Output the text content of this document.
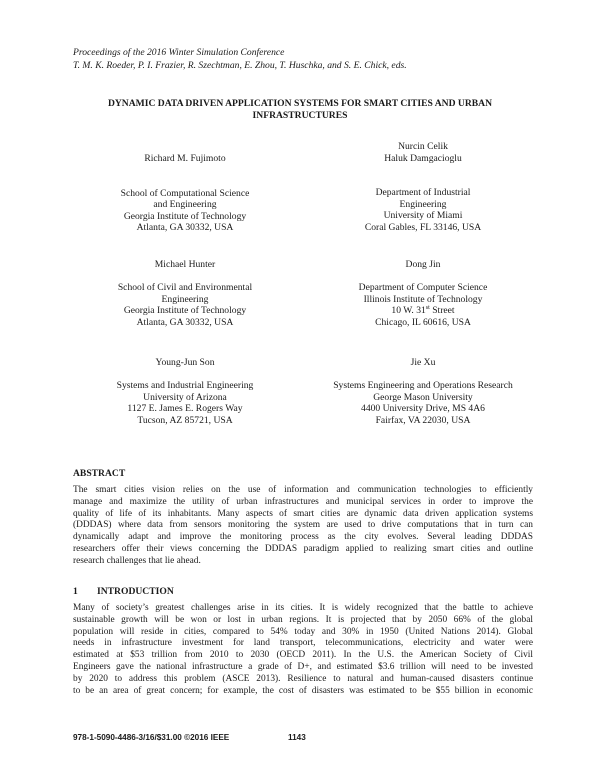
Proceedings of the 2016 Winter Simulation Conference
T. M. K. Roeder, P. I. Frazier, R. Szechtman, E. Zhou, T. Huschka, and S. E. Chick, eds.
DYNAMIC DATA DRIVEN APPLICATION SYSTEMS FOR SMART CITIES AND URBAN
INFRASTRUCTURES
Richard M. Fujimoto
School of Computational Science
and Engineering
Georgia Institute of Technology
Atlanta, GA 30332, USA
Nurcin Celik
Haluk Damgacioglu
Department of Industrial
Engineering
University of Miami
Coral Gables, FL 33146, USA
Michael Hunter
School of Civil and Environmental
Engineering
Georgia Institute of Technology
Atlanta, GA 30332, USA
Dong Jin
Department of Computer Science
Illinois Institute of Technology
10 W. 31st Street
Chicago, IL 60616, USA
Young-Jun Son
Systems and Industrial Engineering
University of Arizona
1127 E. James E. Rogers Way
Tucson, AZ 85721, USA
Jie Xu
Systems Engineering and Operations Research
George Mason University
4400 University Drive, MS 4A6
Fairfax, VA 22030, USA
ABSTRACT
The smart cities vision relies on the use of information and communication technologies to efficiently
manage and maximize the utility of urban infrastructures and municipal services in order to improve the
quality of life of its inhabitants. Many aspects of smart cities are dynamic data driven application systems
(DDDAS) where data from sensors monitoring the system are used to drive computations that in turn can
dynamically adapt and improve the monitoring process as the city evolves. Several leading DDDAS
researchers offer their views concerning the DDDAS paradigm applied to realizing smart cities and outline
research challenges that lie ahead.
1 INTRODUCTION
Many of society’s greatest challenges arise in its cities. It is widely recognized that the battle to achieve
sustainable growth will be won or lost in urban regions. It is projected that by 2050 66% of the global
population will reside in cities, compared to 54% today and 30% in 1950 (United Nations 2014). Global
needs in infrastructure investment for land transport, telecommunications, electricity and water were
estimated at $53 trillion from 2010 to 2030 (OECD 2011). In the U.S. the American Society of Civil
Engineers gave the national infrastructure a grade of D+, and estimated $3.6 trillion will need to be invested
by 2020 to address this problem (ASCE 2013). Resilience to natural and human-caused disasters continue
to be an area of great concern; for example, the cost of disasters was estimated to be $55 billion in economic
978-1-5090-4486-3/16/$31.00 ©2016 IEEE	1143
